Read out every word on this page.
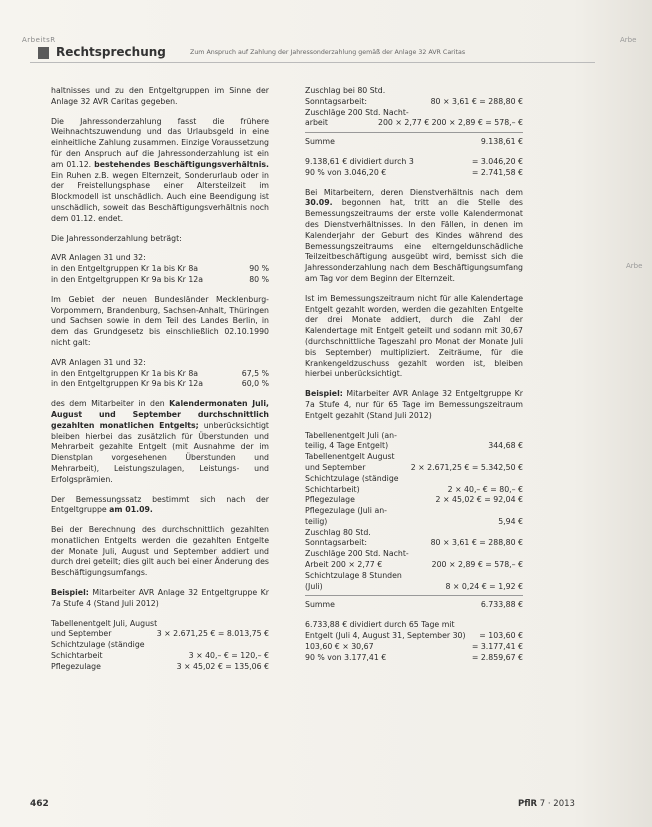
ArbeitsR	Arbe
Arbe
Rechtsprechung	Zum Anspruch auf Zahlung der Jahressonderzahlung gemäß der Anlage 32 AVR Caritas

haltnisses und zu den Entgeltgruppen im Sinne der Anlage 32 AVR Caritas gegeben.

Die Jahressonderzahlung fasst die frühere Weihnachtszuwendung und das Urlaubsgeld in eine einheitliche Zahlung zusammen. Einzige Voraussetzung für den Anspruch auf die Jahressonderzahlung ist ein am 01.12. bestehendes Beschäftigungsverhältnis. Ein Ruhen z.B. wegen Elternzeit, Sonderurlaub oder in der Freistellungsphase einer Altersteilzeit im Blockmodell ist unschädlich. Auch eine Beendigung ist unschädlich, soweit das Beschäftigungsverhältnis noch dem 01.12. endet.

Die Jahressonderzahlung beträgt:

AVR Anlagen 31 und 32:
in den Entgeltgruppen Kr 1a bis Kr 8a	90 %
in den Entgeltgruppen Kr 9a bis Kr 12a	80 %

Im Gebiet der neuen Bundesländer Mecklenburg-Vorpommern, Brandenburg, Sachsen-Anhalt, Thüringen und Sachsen sowie in dem Teil des Landes Berlin, in dem das Grundgesetz bis einschließlich 02.10.1990 nicht galt:

AVR Anlagen 31 und 32:
in den Entgeltgruppen Kr 1a bis Kr 8a	67,5 %
in den Entgeltgruppen Kr 9a bis Kr 12a	60,0 %

des dem Mitarbeiter in den Kalendermonaten Juli, August und September durchschnittlich gezahlten monatlichen Entgelts; unberücksichtigt bleiben hierbei das zusätzlich für Überstunden und Mehrarbeit gezahlte Entgelt (mit Ausnahme der im Dienstplan vorgesehenen Überstunden und Mehrarbeit), Leistungszulagen, Leistungs- und Erfolgsprämien.

Der Bemessungssatz bestimmt sich nach der Entgeltgruppe am 01.09.

Bei der Berechnung des durchschnittlich gezahlten monatlichen Entgelts werden die gezahlten Entgelte der Monate Juli, August und September addiert und durch drei geteilt; dies gilt auch bei einer Änderung des Beschäftigungsumfangs.

Beispiel: Mitarbeiter AVR Anlage 32 Entgeltgruppe Kr 7a Stufe 4 (Stand Juli 2012)

Tabellenentgelt Juli, August
und September	3 × 2.671,25 € = 8.013,75 €
Schichtzulage (ständige
Schichtarbeit	3 × 40,– € = 120,– €
Pflegezulage	3 × 45,02 € = 135,06 €
Zuschlag bei 80 Std.
Sonntagsarbeit:	80 × 3,61 € = 288,80 €
Zuschläge 200 Std. Nacht-
arbeit	200 × 2,77 € 200 × 2,89 € = 578,– €
Summe	9.138,61 €
9.138,61 € dividiert durch 3	= 3.046,20 €
90 % von 3.046,20 €	= 2.741,58 €

Bei Mitarbeitern, deren Dienstverhältnis nach dem 30.09. begonnen hat, tritt an die Stelle des Bemessungszeitraums der erste volle Kalendermonat des Dienstverhältnisses. In den Fällen, in denen im Kalenderjahr der Geburt des Kindes während des Bemessungszeitraums eine elterngeldunschädliche Teilzeitbeschäftigung ausgeübt wird, bemisst sich die Jahressonderzahlung nach dem Beschäftigungsumfang am Tag vor dem Beginn der Elternzeit.

Ist im Bemessungszeitraum nicht für alle Kalendertage Entgelt gezahlt worden, werden die gezahlten Entgelte der drei Monate addiert, durch die Zahl der Kalendertage mit Entgelt geteilt und sodann mit 30,67 (durchschnittliche Tageszahl pro Monat der Monate Juli bis September) multipliziert. Zeiträume, für die Krankengeldzuschuss gezahlt worden ist, bleiben hierbei unberücksichtigt.

Beispiel: Mitarbeiter AVR Anlage 32 Entgeltgruppe Kr 7a Stufe 4, nur für 65 Tage im Bemessungszeitraum Entgelt gezahlt (Stand Juli 2012)

Tabellenentgelt Juli (an-
teilig, 4 Tage Entgelt)	344,68 €
Tabellenentgelt August
und September	2 × 2.671,25 € = 5.342,50 €
Schichtzulage (ständige
Schichtarbeit)	2 × 40,– € = 80,– €
Pflegezulage	2 × 45,02 € = 92,04 €
Pflegezulage (Juli an-
teilig)	5,94 €
Zuschlag 80 Std.
Sonntagsarbeit:	80 × 3,61 € = 288,80 €
Zuschläge 200 Std. Nacht-
Arbeit 200 × 2,77 €	200 × 2,89 € = 578,– €
Schichtzulage 8 Stunden
(Juli)	8 × 0,24 € = 1,92 €
Summe	6.733,88 €
6.733,88 € dividiert durch 65 Tage mit
Entgelt (Juli 4, August 31, September 30) = 103,60 €
103,60 € × 30,67	= 3.177,41 €
90 % von 3.177,41 €	= 2.859,67 €
462	PflR 7 · 2013
